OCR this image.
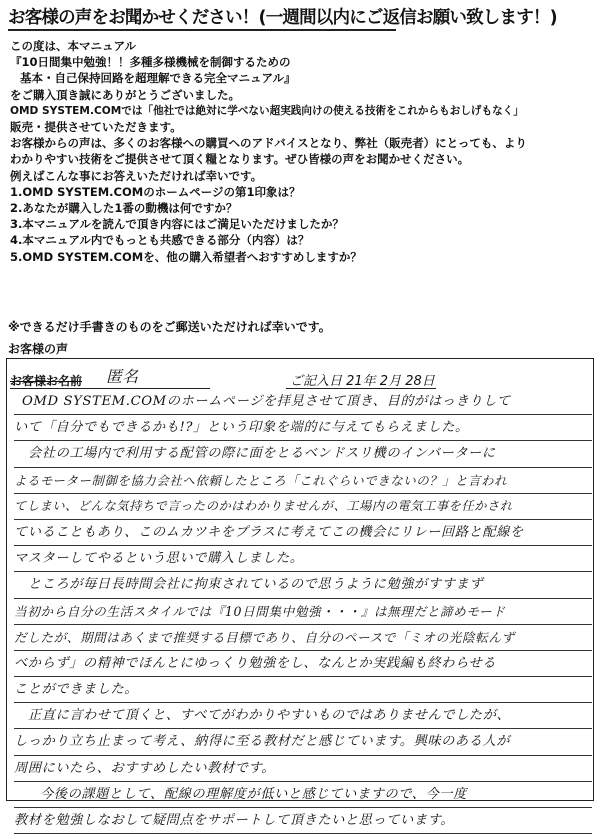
お客様の声をお聞かせください！(一週間以内にご返信お願い致します！)
この度は、本マニュアル
『10日間集中勉強！！多種多様機械を制御するための
基本・自己保持回路を超理解できる完全マニュアル』
をご購入頂き誠にありがとうございました。
OMD SYSTEM.COMでは「他社では絶対に学べない超実践向けの使える技術をこれからもおしげもなく」
販売・提供させていただきます。
お客様からの声は、多くのお客様への購買へのアドバイスとなり、弊社（販売者）にとっても、より
わかりやすい技術をご提供させて頂く糧となります。ぜひ皆様の声をお聞かせください。
例えばこんな事にお答えいただければ幸いです。
1.OMD SYSTEM.COMのホームページの第1印象は？
2.あなたが購入した1番の動機は何ですか？
3.本マニュアルを読んで頂き内容にはご満足いただけましたか？
4.本マニュアル内でもっとも共感できる部分（内容）は？
5.OMD SYSTEM.COMを、他の購入希望者へおすすめしますか？
※できるだけ手書きのものをご郵送いただければ幸いです。
お客様の声
お客様お名前 匿名	ご記入日 21年 2月 28日
OMD SYSTEM.COMのホームページを拝見させて頂き、目的がはっきりして
いて「自分でもできるかも!?」という印象を端的に与えてもらえました。
会社の工場内で利用する配管の際に面をとるベンドスリ機のインバーターに
よるモーター制御を協力会社へ依頼したところ「これぐらいできないの？」と言われ
てしまい、どんな気持ちで言ったのかはわかりませんが、工場内の電気工事を任かされ
ていることもあり、このムカツキをプラスに考えてこの機会にリレー回路と配線を
マスターしてやるという思いで購入しました。
ところが毎日長時間会社に拘束されているので思うように勉強がすすまず
当初から自分の生活スタイルでは『10日間集中勉強・・・』は無理だと諦めモード
だしたが、期間はあくまで推奨する目標であり、自分のペースで「ミオの光陰転んず
べからず」の精神でほんとにゆっくり勉強をし、なんとか実践編も終わらせる
ことができました。
正直に言わせて頂くと、すべてがわかりやすいものではありませんでしたが、
しっかり立ち止まって考え、納得に至る教材だと感じています。興味のある人が
周囲にいたら、おすすめしたい教材です。
今後の課題として、配線の理解度が低いと感じていますので、今一度
教材を勉強しなおして疑問点をサポートして頂きたいと思っています。
